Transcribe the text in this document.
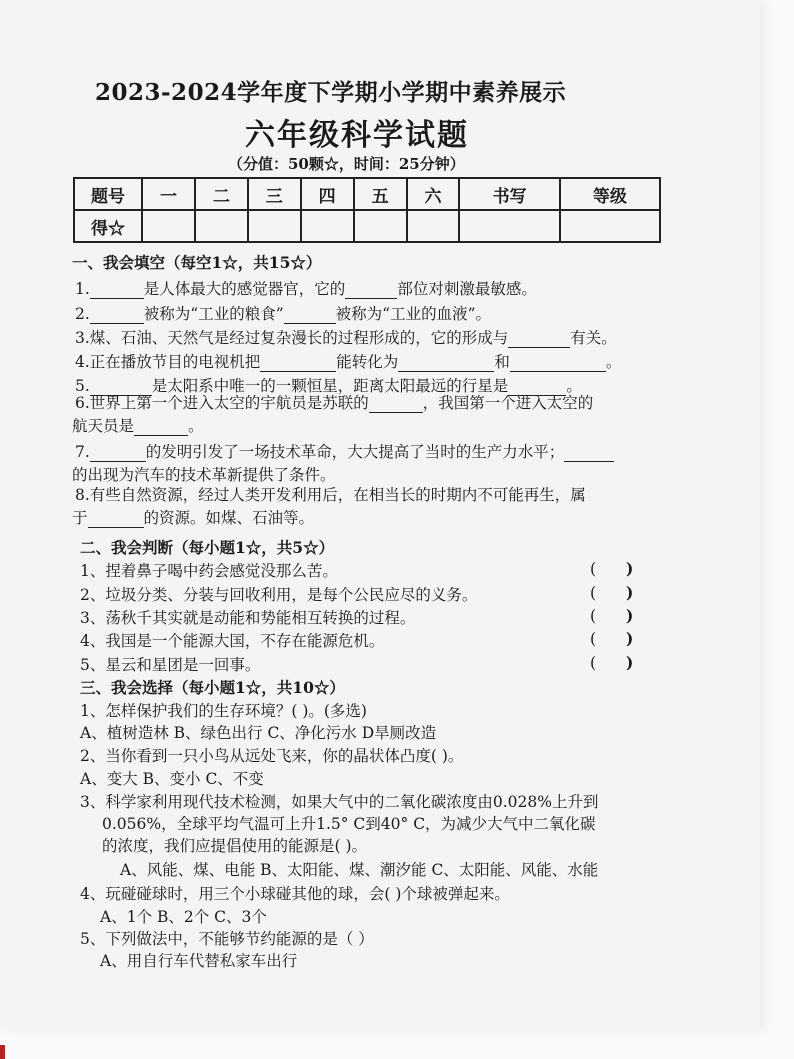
2023-2024学年度下学期小学期中素养展示
六年级科学试题
（分值：50颗☆，时间：25分钟）
题号	一	二	三	四	五	六	书写	等级
得☆								
一、我会填空（每空1☆，共15☆）
1.	是人体最大的感觉器官，它的	部位对刺激最敏感。
2.	被称为“工业的粮食”	被称为“工业的血液”。
3.煤、石油、天然气是经过复杂漫长的过程形成的，它的形成与	有关。
4.正在播放节目的电视机把	能转化为	和	。
5.	是太阳系中唯一的一颗恒星，距离太阳最远的行星是	。
6.世界上第一个进入太空的宇航员是苏联的	，我国第一个进入太空的
航天员是	。
7.	的发明引发了一场技术革命，大大提高了当时的生产力水平；
的出现为汽车的技术革新提供了条件。
8.有些自然资源，经过人类开发利用后，在相当长的时期内不可能再生，属
于	的资源。如煤、石油等。
二、我会判断（每小题1☆，共5☆）
1、捏着鼻子喝中药会感觉没那么苦。	( )
2、垃圾分类、分装与回收利用，是每个公民应尽的义务。	( )
3、荡秋千其实就是动能和势能相互转换的过程。	( )
4、我国是一个能源大国，不存在能源危机。	( )
5、星云和星团是一回事。	( )
三、我会选择（每小题1☆，共10☆）
1、怎样保护我们的生存环境？( )。(多选)
A、植树造林 B、绿色出行 C、净化污水 D旱厕改造
2、当你看到一只小鸟从远处飞来，你的晶状体凸度( )。
A、变大 B、变小 C、不变
3、科学家利用现代技术检测，如果大气中的二氧化碳浓度由0.028%上升到
0.056%，全球平均气温可上升1.5° C到40° C，为减少大气中二氧化碳
的浓度，我们应提倡使用的能源是( )。
A、风能、煤、电能 B、太阳能、煤、潮汐能 C、太阳能、风能、水能
4、玩碰碰球时，用三个小球碰其他的球，会( )个球被弹起来。
A、1个 B、2个 C、3个
5、下列做法中，不能够节约能源的是（ ）
A、用自行车代替私家车出行
